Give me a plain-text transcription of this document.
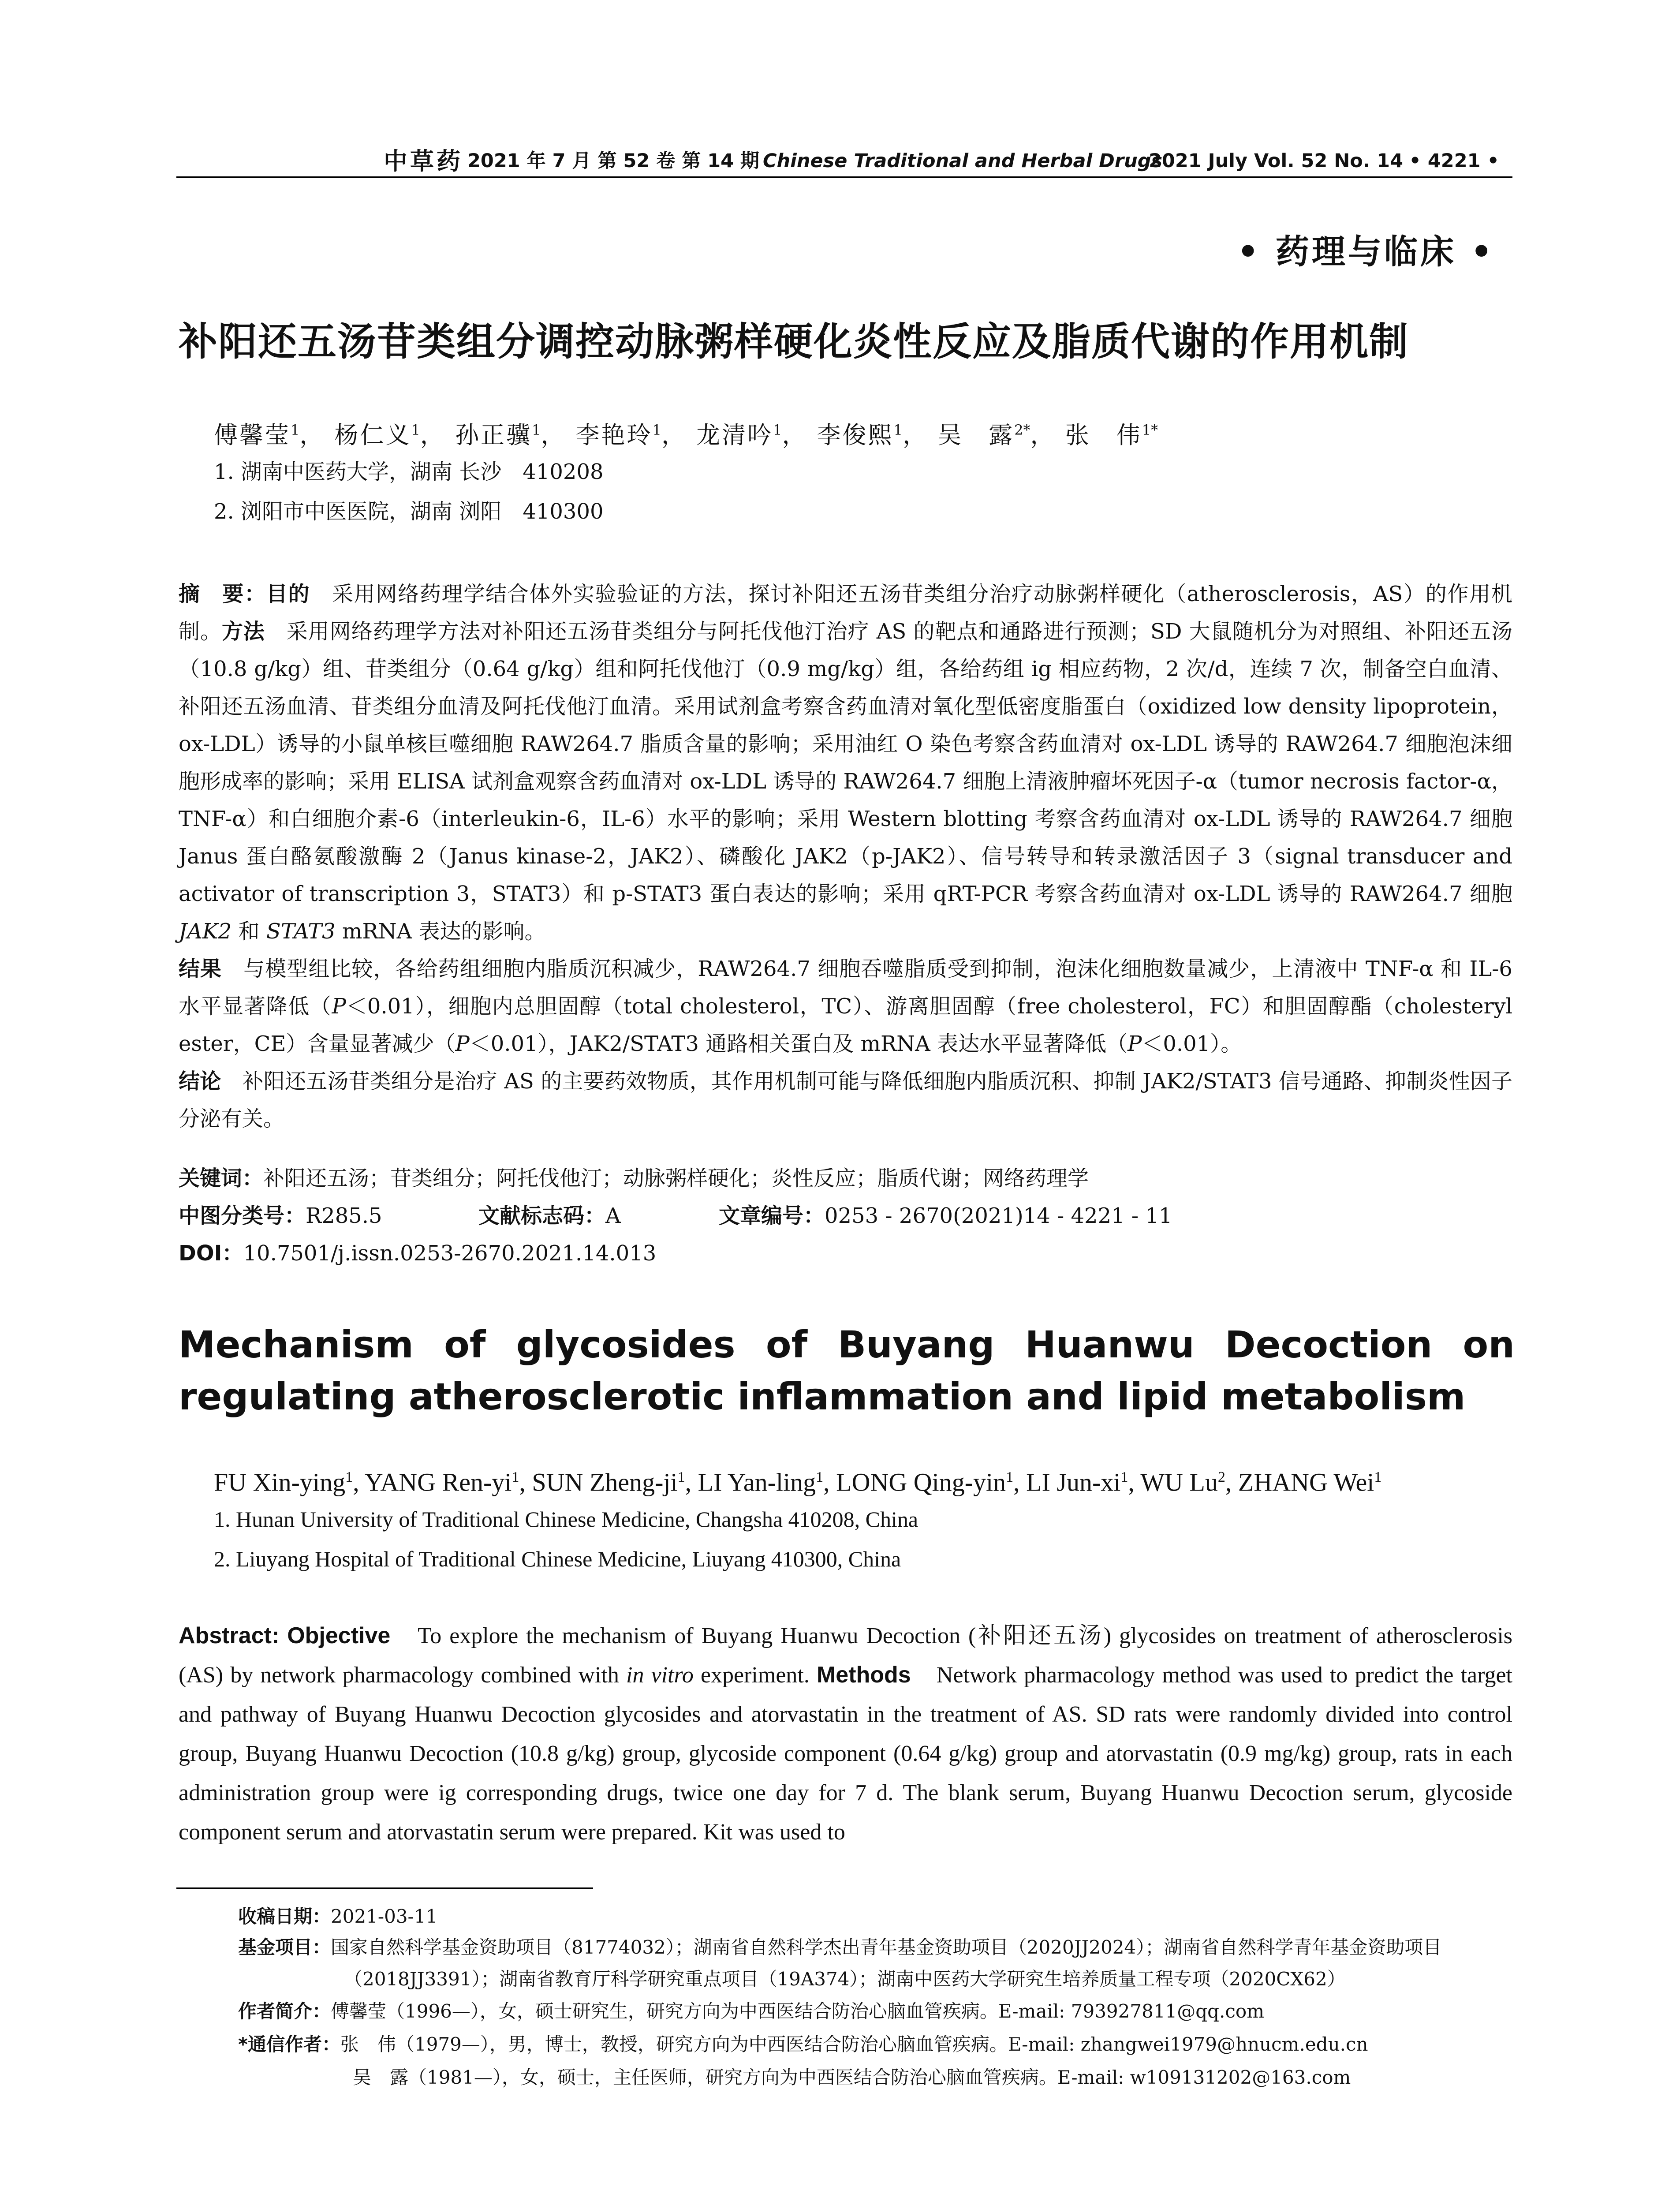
中草药 2021 年 7 月 第 52 卷 第 14 期 Chinese Traditional and Herbal Drugs
2021 July Vol. 52 No. 14 • 4221 •
• 药理与临床 •
补阳还五汤苷类组分调控动脉粥样硬化炎性反应及脂质代谢的作用机制
傅馨莹$^1$， 杨仁义$^1$， 孙正骥$^1$， 李艳玲$^1$， 龙清吟$^1$， 李俊熙$^1$， 吴　露$^{2*}$， 张　伟$^{1*}$
1. 湖南中医药大学，湖南 长沙　410208
2. 浏阳市中医医院，湖南 浏阳　410300

摘　要：目的　采用网络药理学结合体外实验验证的方法，探讨补阳还五汤苷类组分治疗动脉粥样硬化（atherosclerosis，AS）的作用机制。方法　采用网络药理学方法对补阳还五汤苷类组分与阿托伐他汀治疗 AS 的靶点和通路进行预测；SD 大鼠随机分为对照组、补阳还五汤（10.8 g/kg）组、苷类组分（0.64 g/kg）组和阿托伐他汀（0.9 mg/kg）组，各给药组 ig 相应药物，2 次/d，连续 7 次，制备空白血清、补阳还五汤血清、苷类组分血清及阿托伐他汀血清。采用试剂盒考察含药血清对氧化型低密度脂蛋白（oxidized low density lipoprotein，ox-LDL）诱导的小鼠单核巨噬细胞 RAW264.7 脂质含量的影响；采用油红 O 染色考察含药血清对 ox-LDL 诱导的 RAW264.7 细胞泡沫细胞形成率的影响；采用 ELISA 试剂盒观察含药血清对 ox-LDL 诱导的 RAW264.7 细胞上清液肿瘤坏死因子-α（tumor necrosis factor-α，TNF-α）和白细胞介素-6（interleukin-6，IL-6）水平的影响；采用 Western blotting 考察含药血清对 ox-LDL 诱导的 RAW264.7 细胞 Janus 蛋白酪氨酸激酶 2（Janus kinase-2，JAK2）、磷酸化 JAK2（p-JAK2）、信号转导和转录激活因子 3（signal transducer and activator of transcription 3，STAT3）和 p-STAT3 蛋白表达的影响；采用 qRT-PCR 考察含药血清对 ox-LDL 诱导的 RAW264.7 细胞 JAK2 和 STAT3 mRNA 表达的影响。
结果　与模型组比较，各给药组细胞内脂质沉积减少，RAW264.7 细胞吞噬脂质受到抑制，泡沫化细胞数量减少，上清液中 TNF-α 和 IL-6 水平显著降低（P＜0.01），细胞内总胆固醇（total cholesterol，TC）、游离胆固醇（free cholesterol，FC）和胆固醇酯（cholesteryl ester，CE）含量显著减少（P＜0.01），JAK2/STAT3 通路相关蛋白及 mRNA 表达水平显著降低（P＜0.01）。
结论　补阳还五汤苷类组分是治疗 AS 的主要药效物质，其作用机制可能与降低细胞内脂质沉积、抑制 JAK2/STAT3 信号通路、抑制炎性因子分泌有关。

关键词：补阳还五汤；苷类组分；阿托伐他汀；动脉粥样硬化；炎性反应；脂质代谢；网络药理学
中图分类号：R285.5	文献标志码：A	文章编号：0253 - 2670(2021)14 - 4221 - 11
DOI：10.7501/j.issn.0253-2670.2021.14.013
Mechanism of glycosides of Buyang Huanwu Decoction on regulating atherosclerotic inflammation and lipid metabolism
FU Xin-ying$^1$, YANG Ren-$yi^1$, SUN Zheng-$ji^1$, LI Yan-ling$^1$, LONG Qing-yin$^1$, LI Jun-$xi^1$, WU Lu$^2$, ZHANG Wei$^1$
1. Hunan University of Traditional Chinese Medicine, Changsha 410208, China
2. Liuyang Hospital of Traditional Chinese Medicine, Liuyang 410300, China

Abstract: Objective　To explore the mechanism of Buyang Huanwu Decoction (补阳还五汤) glycosides on treatment of atherosclerosis (AS) by network pharmacology combined with in vitro experiment. Methods　Network pharmacology method was used to predict the target and pathway of Buyang Huanwu Decoction glycosides and atorvastatin in the treatment of AS. SD rats were randomly divided into control group, Buyang Huanwu Decoction (10.8 g/kg) group, glycoside component (0.64 g/kg) group and atorvastatin (0.9 mg/kg) group, rats in each administration group were ig corresponding drugs, twice one day for 7 d. The blank serum, Buyang Huanwu Decoction serum, glycoside component serum and atorvastatin serum were prepared. Kit was used to

收稿日期：2021-03-11
基金项目：国家自然科学基金资助项目（81774032）；湖南省自然科学杰出青年基金资助项目（2020JJ2024）；湖南省自然科学青年基金资助项目（2018JJ3391）；湖南省教育厅科学研究重点项目（19A374）；湖南中医药大学研究生培养质量工程专项（2020CX62）
作者简介：傅馨莹（1996—），女，硕士研究生，研究方向为中西医结合防治心脑血管疾病。E-mail: 793927811@qq.com
*通信作者：张　伟（1979—），男，博士，教授，研究方向为中西医结合防治心脑血管疾病。E-mail: zhangwei1979@hnucm.edu.cn
吴　露（1981—），女，硕士，主任医师，研究方向为中西医结合防治心脑血管疾病。E-mail: w109131202@163.com
